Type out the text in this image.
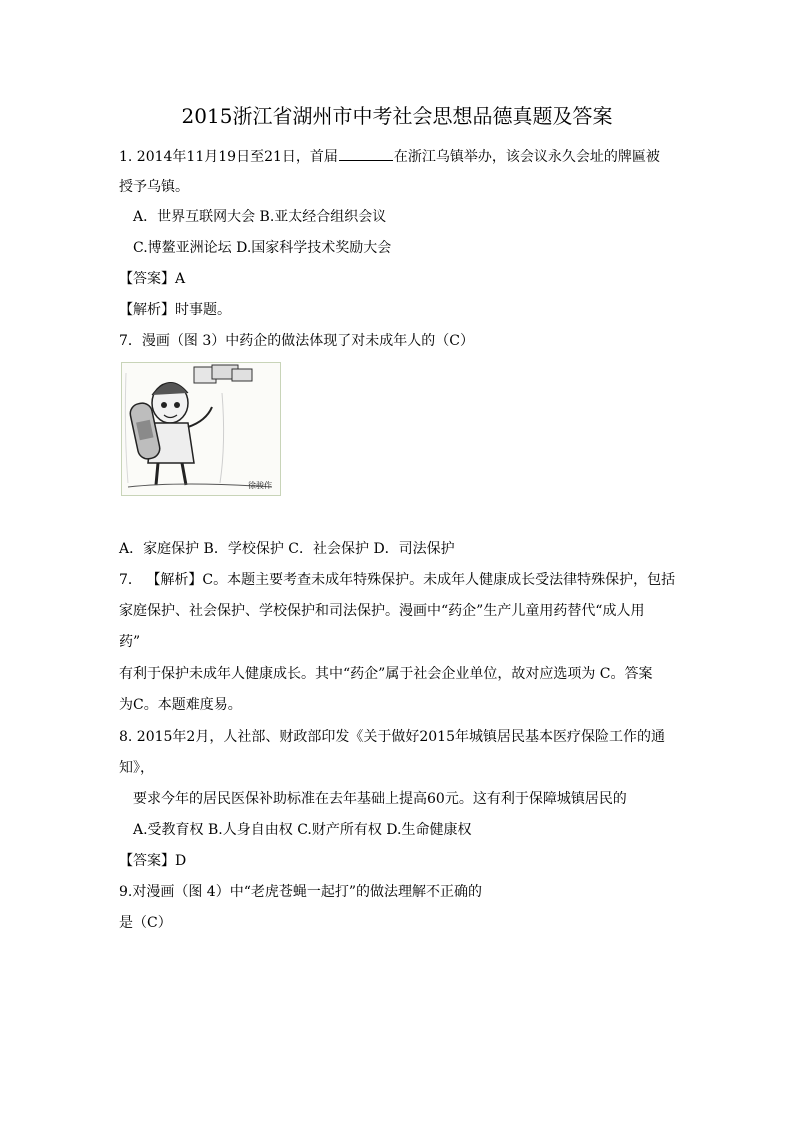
2015浙江省湖州市中考社会思想品德真题及答案
1. 2014年11月19日至21日，首届	在浙江乌镇举办，该会议永久会址的牌匾被
授予乌镇。
A．世界互联网大会 B.亚太经合组织会议
C.博鳌亚洲论坛 D.国家科学技术奖励大会
【答案】A
【解析】时事题。
7．漫画（图 3）中药企的做法体现了对未成年人的（C）
徐骏作
A．家庭保护 B．学校保护 C．社会保护 D．司法保护
7． 【解析】C。本题主要考查未成年特殊保护。未成年人健康成长受法律特殊保护，包括
家庭保护、社会保护、学校保护和司法保护。漫画中“药企”生产儿童用药替代“成人用
药”
有利于保护未成年人健康成长。其中“药企”属于社会企业单位，故对应选项为 C。答案
为C。本题难度易。
8. 2015年2月，人社部、财政部印发《关于做好2015年城镇居民基本医疗保险工作的通
知》，
要求今年的居民医保补助标准在去年基础上提高60元。这有利于保障城镇居民的
A.受教育权 B.人身自由权 C.财产所有权 D.生命健康权
【答案】D
9.对漫画（图 4）中“老虎苍蝇一起打”的做法理解不正确的
是（C）
